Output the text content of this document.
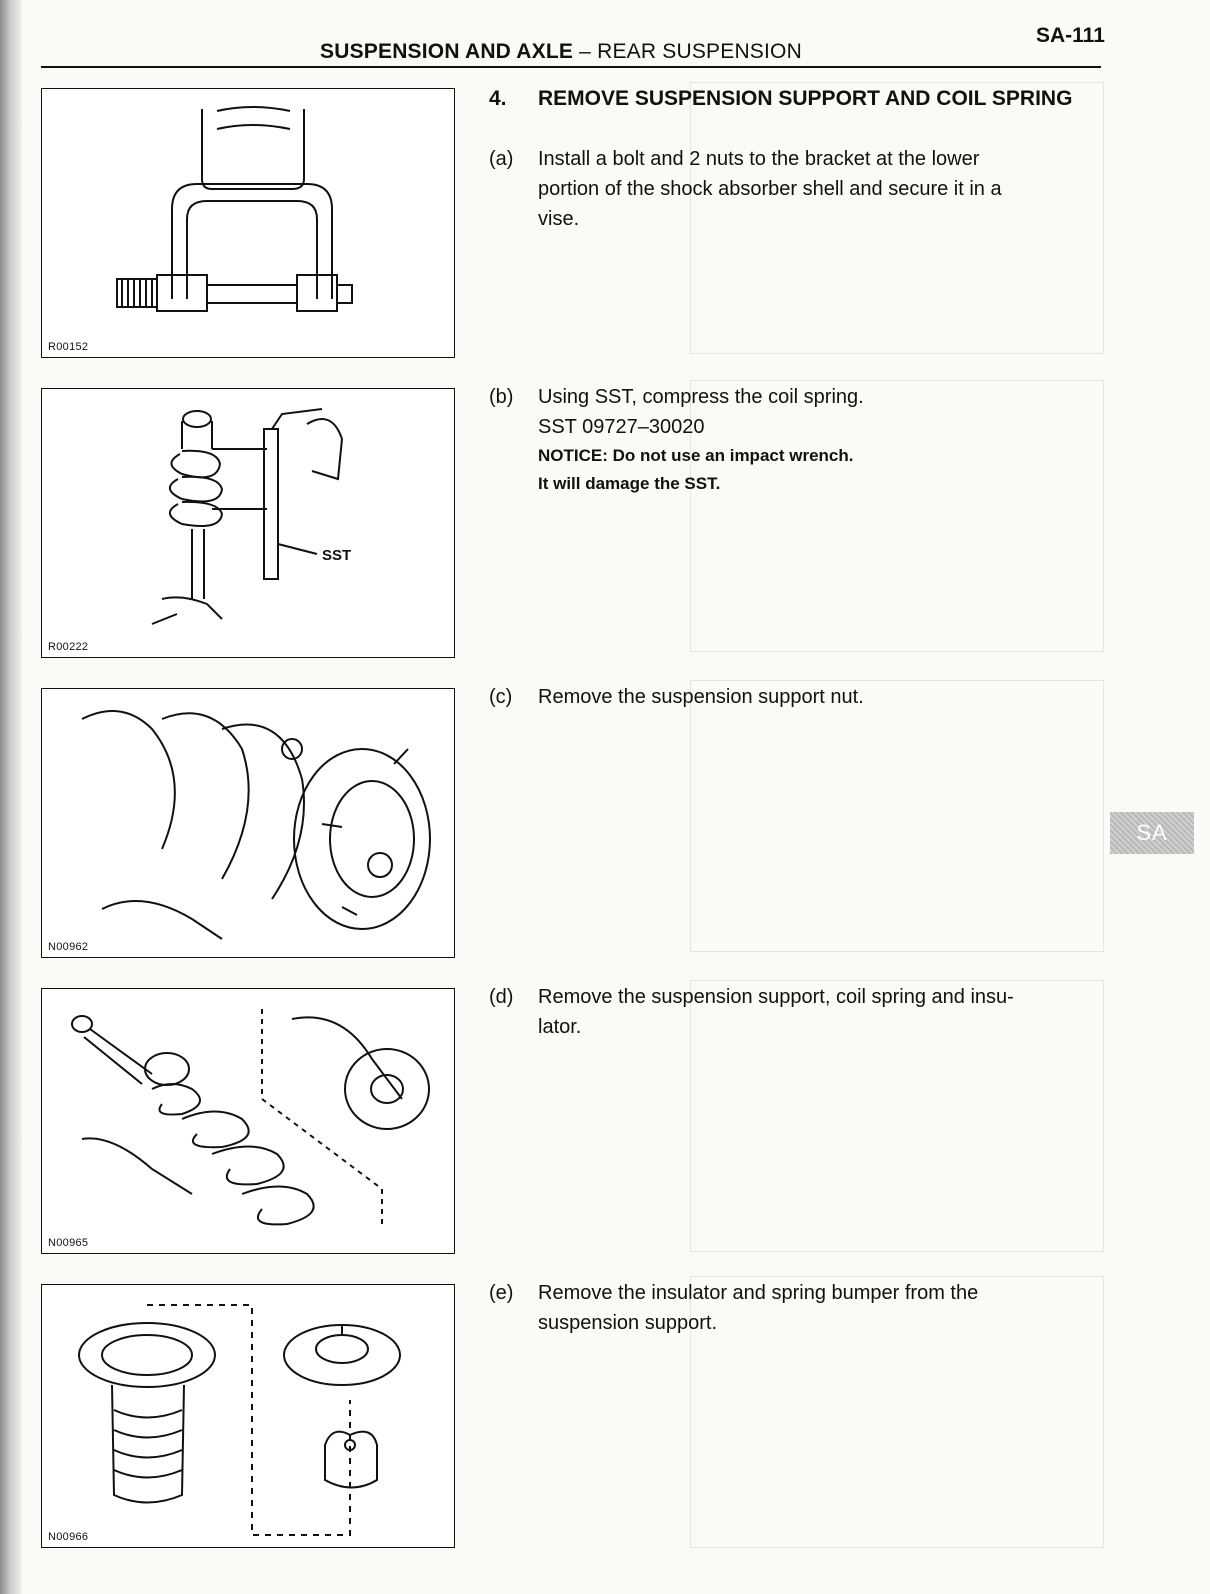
SUSPENSION AND AXLE – REAR SUSPENSION
SA-111
SA
R00152
SST
R00222
N00962
N00965
N00966
4. REMOVE SUSPENSION SUPPORT AND COIL SPRING
(a) Install a bolt and 2 nuts to the bracket at the lower
portion of the shock absorber shell and secure it in a
vise.
(b) Using SST, compress the coil spring.
SST 09727–30020
NOTICE: Do not use an impact wrench.
It will damage the SST.
(c) Remove the suspension support nut.
(d) Remove the suspension support, coil spring and insu-
lator.
(e) Remove the insulator and spring bumper from the
suspension support.
